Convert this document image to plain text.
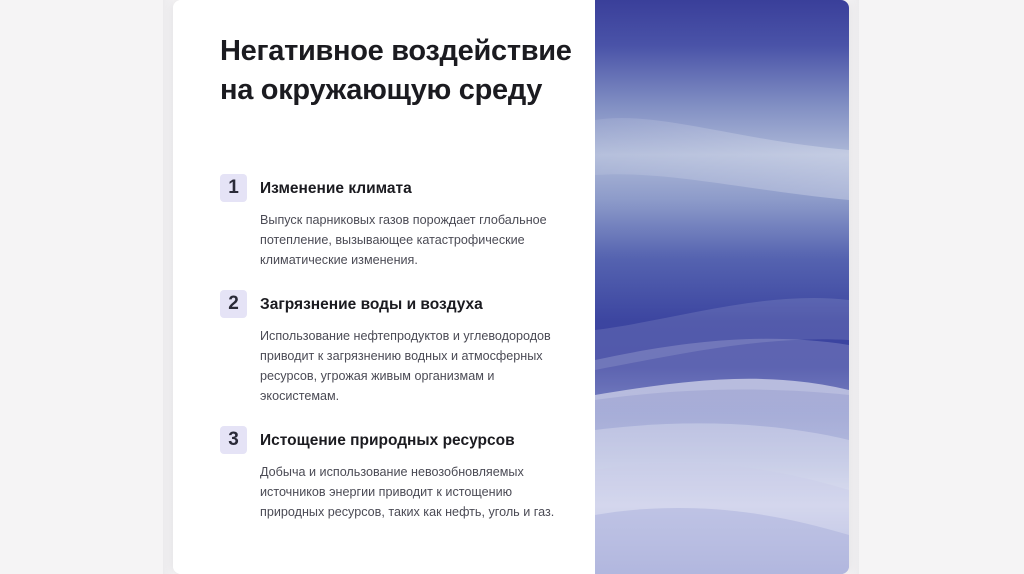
Негативное воздействие на окружающую среду
1	Изменение климата

Выпуск парниковых газов порождает глобальное потепление, вызывающее катастрофические климатические изменения.

2	Загрязнение воды и воздуха

Использование нефтепродуктов и углеводородов приводит к загрязнению водных и атмосферных ресурсов, угрожая живым организмам и экосистемам.

3	Истощение природных ресурсов

Добыча и использование невозобновляемых источников энергии приводит к истощению природных ресурсов, таких как нефть, уголь и газ.
